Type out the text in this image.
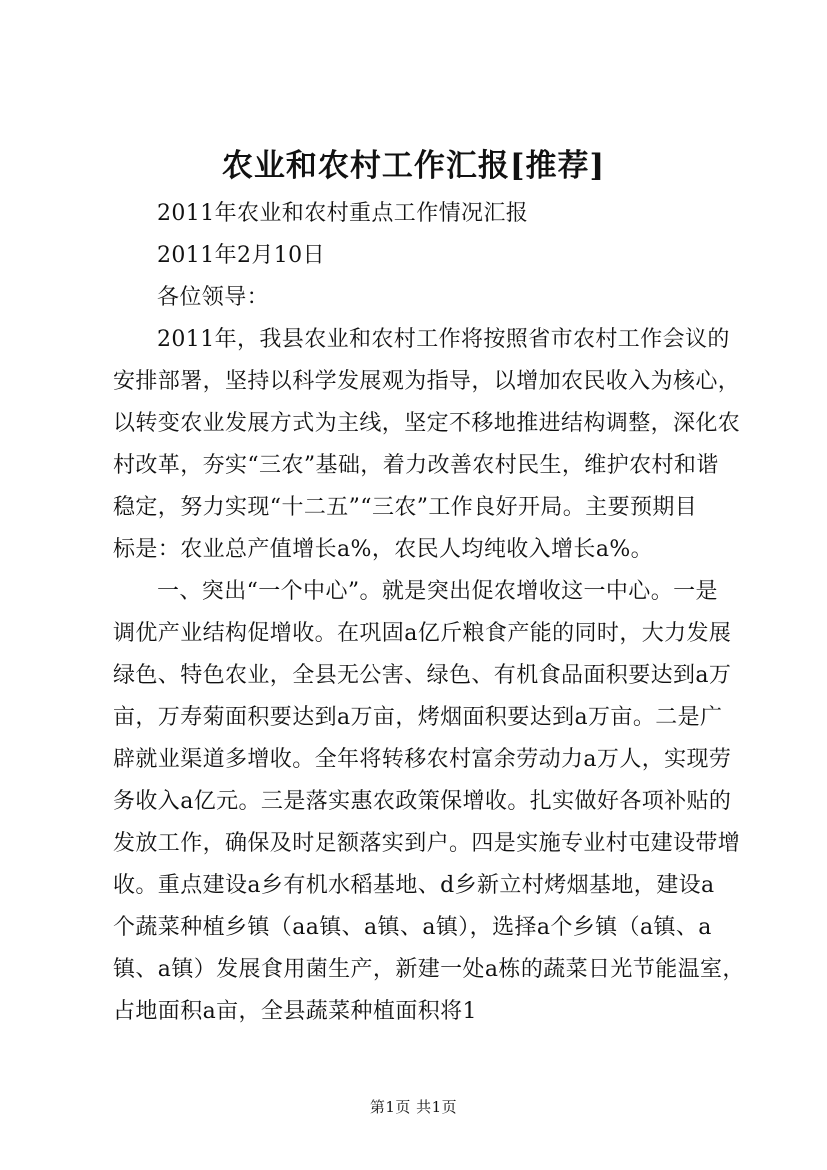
农业和农村工作汇报[推荐]
2011年农业和农村重点工作情况汇报
2011年2月10日
各位领导：
2011年，我县农业和农村工作将按照省市农村工作会议的
安排部署，坚持以科学发展观为指导，以增加农民收入为核心，
以转变农业发展方式为主线，坚定不移地推进结构调整，深化农
村改革，夯实“三农”基础，着力改善农村民生，维护农村和谐
稳定，努力实现“十二五”“三农”工作良好开局。主要预期目
标是：农业总产值增长a%，农民人均纯收入增长a%。
一、突出“一个中心”。就是突出促农增收这一中心。一是
调优产业结构促增收。在巩固a亿斤粮食产能的同时，大力发展
绿色、特色农业，全县无公害、绿色、有机食品面积要达到a万
亩，万寿菊面积要达到a万亩，烤烟面积要达到a万亩。二是广
辟就业渠道多增收。全年将转移农村富余劳动力a万人，实现劳
务收入a亿元。三是落实惠农政策保增收。扎实做好各项补贴的
发放工作，确保及时足额落实到户。四是实施专业村屯建设带增
收。重点建设a乡有机水稻基地、d乡新立村烤烟基地，建设a
个蔬菜种植乡镇（aa镇、a镇、a镇），选择a个乡镇（a镇、a
镇、a镇）发展食用菌生产，新建一处a栋的蔬菜日光节能温室，
占地面积a亩，全县蔬菜种植面积将1
第1页 共1页
